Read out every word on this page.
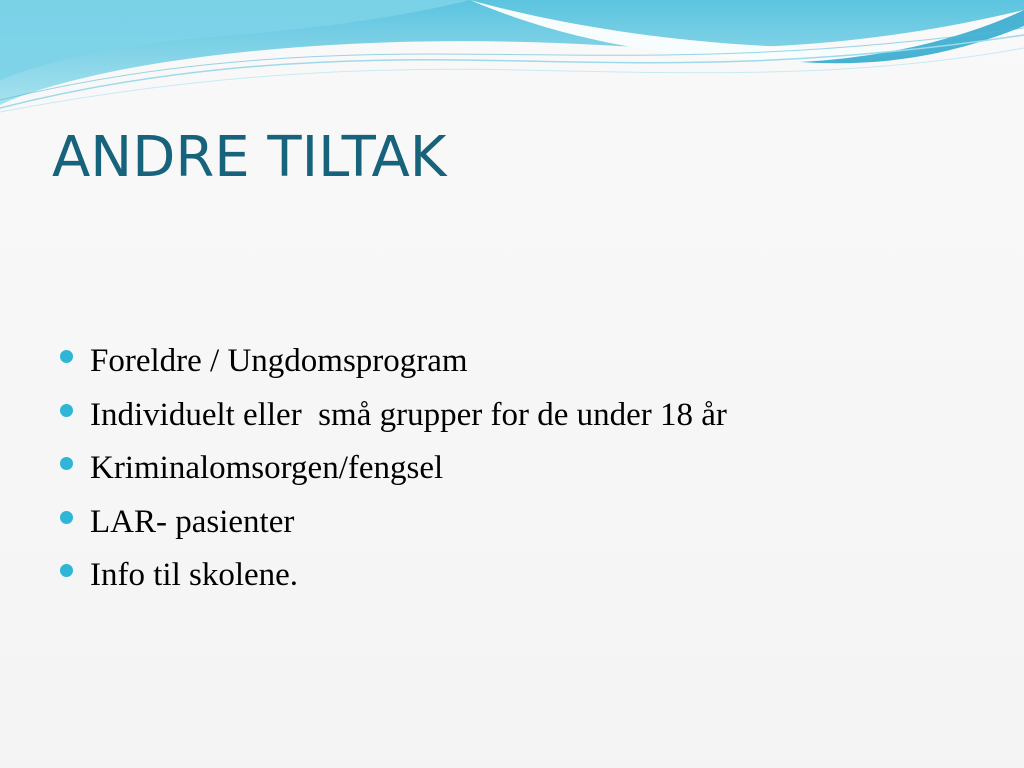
ANDRE TILTAK
Foreldre / Ungdomsprogram
Individuelt eller  små grupper for de under 18 år
Kriminalomsorgen/fengsel
LAR- pasienter
Info til skolene.
